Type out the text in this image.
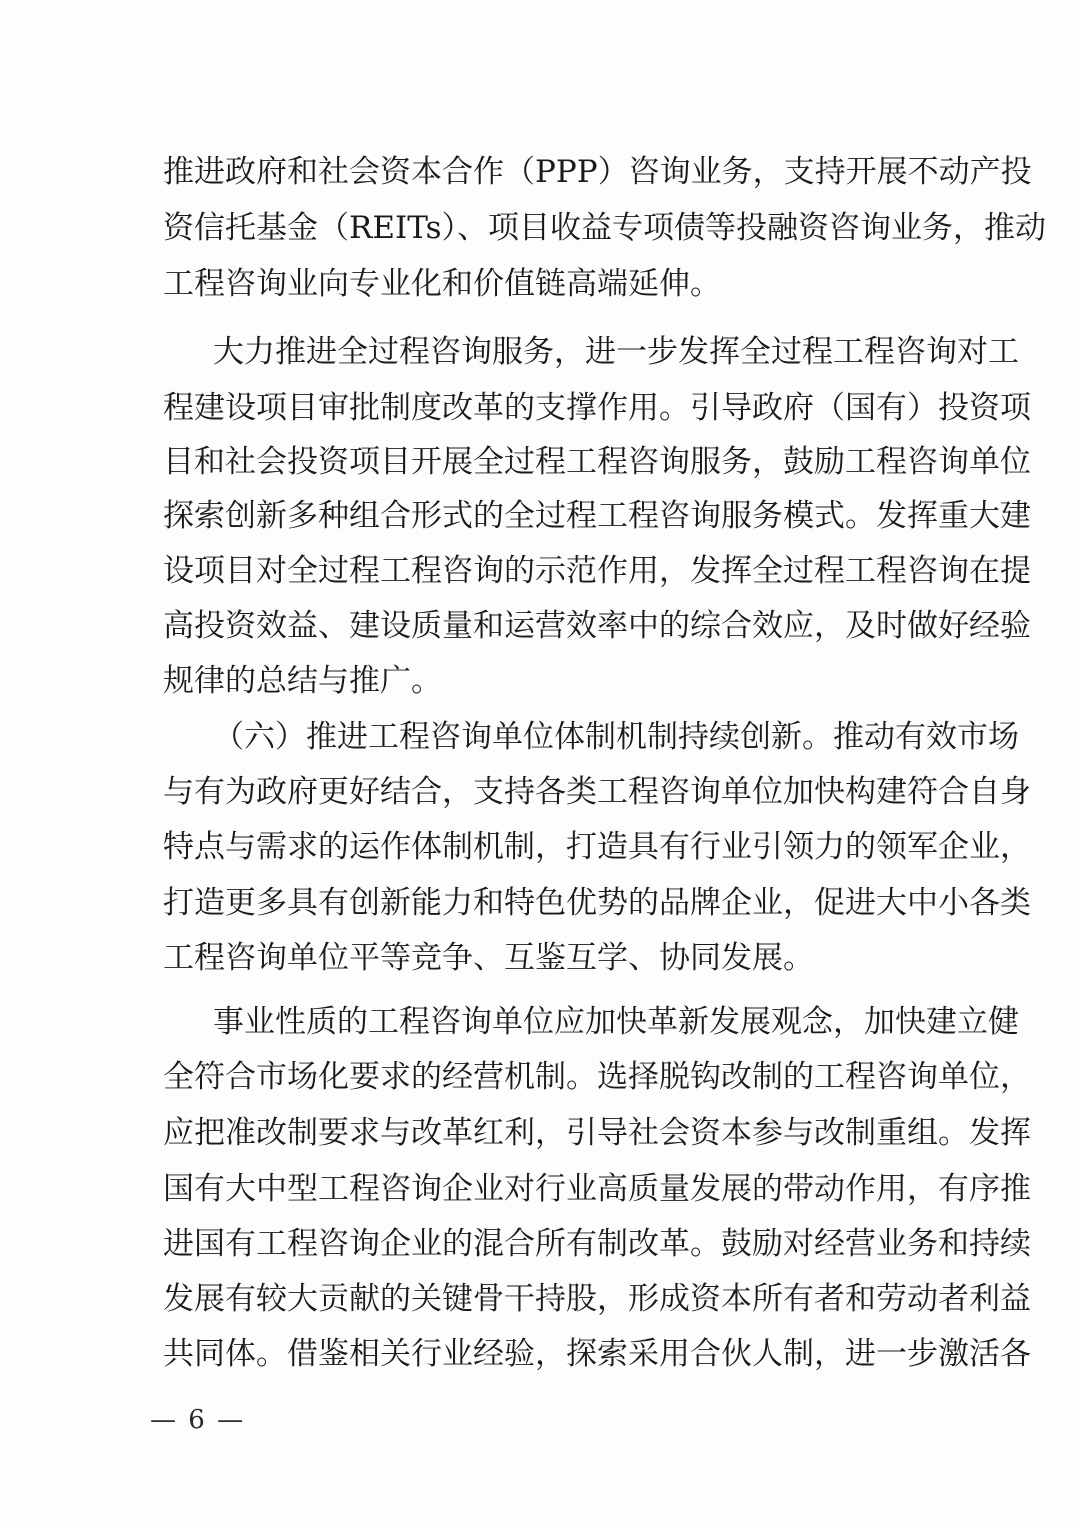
推进政府和社会资本合作（PPP）咨询业务，支持开展不动产投
资信托基金（REITs）、项目收益专项债等投融资咨询业务，推动
工程咨询业向专业化和价值链高端延伸。
大力推进全过程咨询服务，进一步发挥全过程工程咨询对工
程建设项目审批制度改革的支撑作用。引导政府（国有）投资项
目和社会投资项目开展全过程工程咨询服务，鼓励工程咨询单位
探索创新多种组合形式的全过程工程咨询服务模式。发挥重大建
设项目对全过程工程咨询的示范作用，发挥全过程工程咨询在提
高投资效益、建设质量和运营效率中的综合效应，及时做好经验
规律的总结与推广。
（六）推进工程咨询单位体制机制持续创新。推动有效市场
与有为政府更好结合，支持各类工程咨询单位加快构建符合自身
特点与需求的运作体制机制，打造具有行业引领力的领军企业，
打造更多具有创新能力和特色优势的品牌企业，促进大中小各类
工程咨询单位平等竞争、互鉴互学、协同发展。
事业性质的工程咨询单位应加快革新发展观念，加快建立健
全符合市场化要求的经营机制。选择脱钩改制的工程咨询单位，
应把准改制要求与改革红利，引导社会资本参与改制重组。发挥
国有大中型工程咨询企业对行业高质量发展的带动作用，有序推
进国有工程咨询企业的混合所有制改革。鼓励对经营业务和持续
发展有较大贡献的关键骨干持股，形成资本所有者和劳动者利益
共同体。借鉴相关行业经验，探索采用合伙人制，进一步激活各
— 6 —
